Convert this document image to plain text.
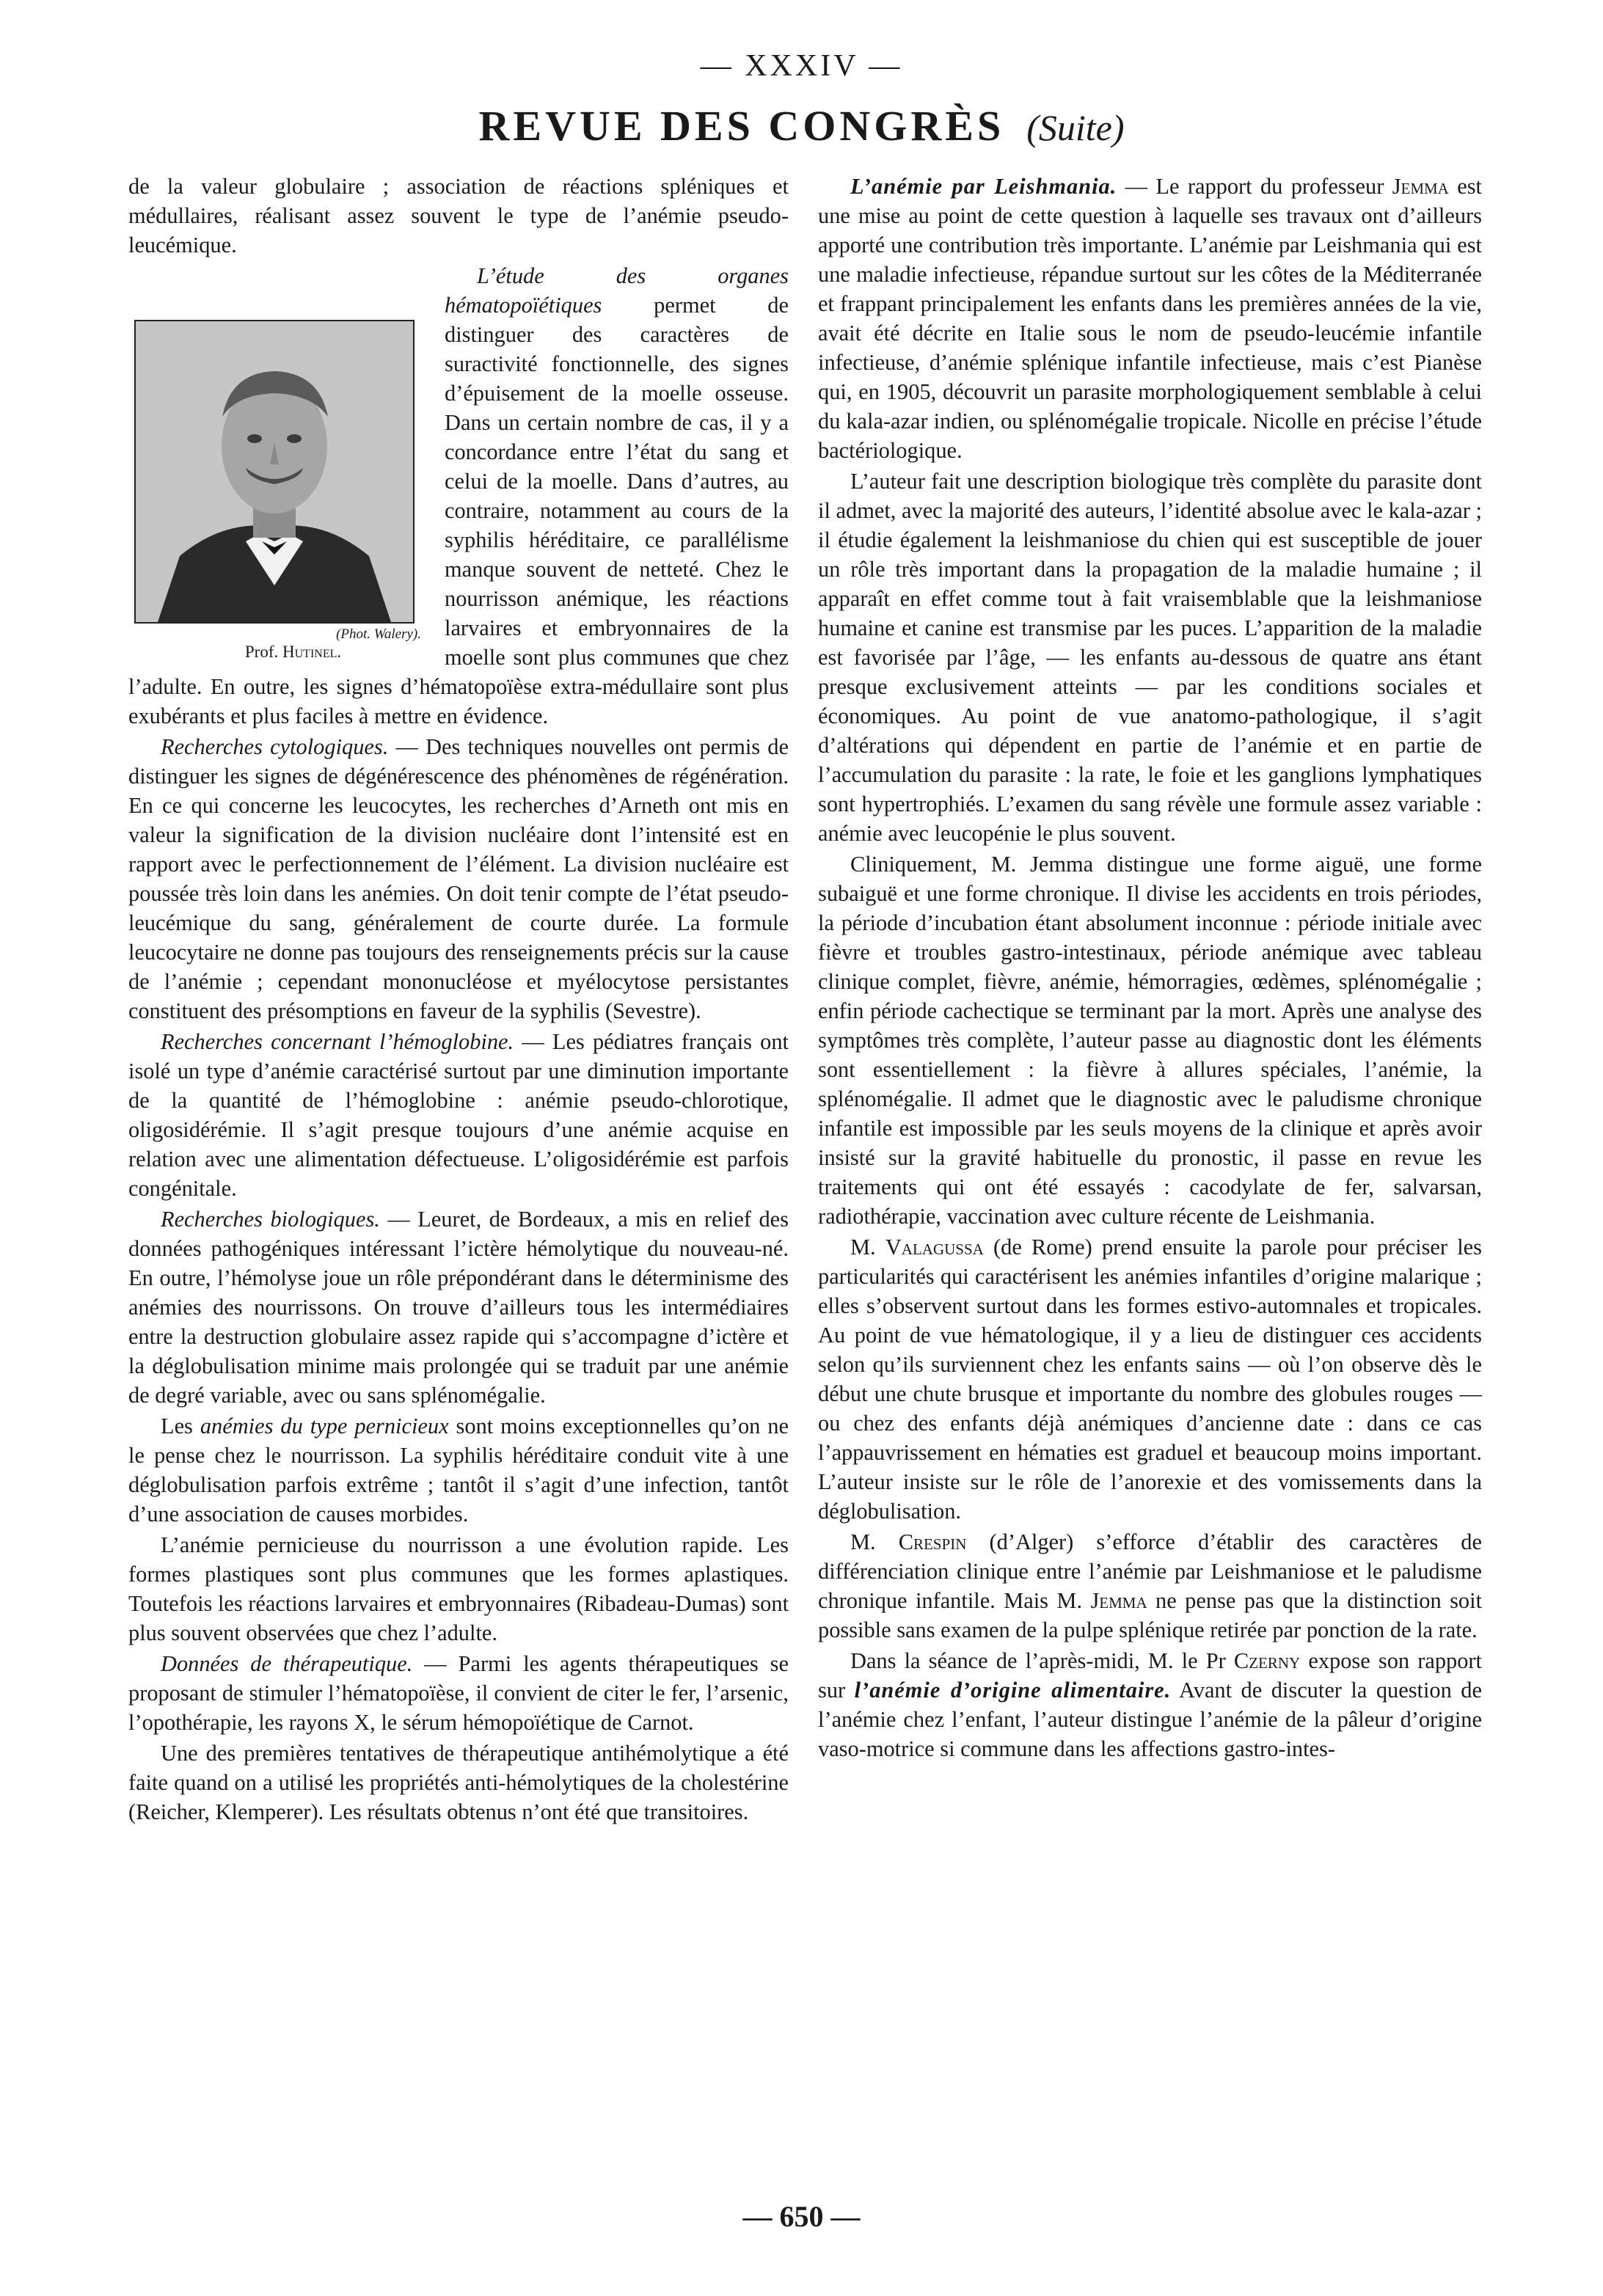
— XXXIV —
REVUE DES CONGRÈS (Suite)

de la valeur globulaire ; association de réactions spléniques et médullaires, réalisant assez souvent le type de l’anémie pseudo-leucémique.

(Phot. Walery).
Prof. Hutinel.
L’étude des organes hématopoïétiques permet de distinguer des caractères de suractivité fonctionnelle, des signes d’épuisement de la moelle osseuse. Dans un certain nombre de cas, il y a concordance entre l’état du sang et celui de la moelle. Dans d’autres, au contraire, notamment au cours de la syphilis héréditaire, ce parallélisme manque souvent de netteté. Chez le nourrisson anémique, les réactions larvaires et embryonnaires de la moelle sont plus communes que chez l’adulte. En outre, les signes d’hématopoïèse extra-médullaire sont plus exubérants et plus faciles à mettre en évidence.

Recherches cytologiques. — Des techniques nouvelles ont permis de distinguer les signes de dégénérescence des phénomènes de régénération. En ce qui concerne les leucocytes, les recherches d’Arneth ont mis en valeur la signification de la division nucléaire dont l’intensité est en rapport avec le perfectionnement de l’élément. La division nucléaire est poussée très loin dans les anémies. On doit tenir compte de l’état pseudo-leucémique du sang, généralement de courte durée. La formule leucocytaire ne donne pas toujours des renseignements précis sur la cause de l’anémie ; cependant mononucléose et myélocytose persistantes constituent des présomptions en faveur de la syphilis (Sevestre).

Recherches concernant l’hémoglobine. — Les pédiatres français ont isolé un type d’anémie caractérisé surtout par une diminution importante de la quantité de l’hémoglobine : anémie pseudo-chlorotique, oligosidérémie. Il s’agit presque toujours d’une anémie acquise en relation avec une alimentation défectueuse. L’oligosidérémie est parfois congénitale.

Recherches biologiques. — Leuret, de Bordeaux, a mis en relief des données pathogéniques intéressant l’ictère hémolytique du nouveau-né. En outre, l’hémolyse joue un rôle prépondérant dans le déterminisme des anémies des nourrissons. On trouve d’ailleurs tous les intermédiaires entre la destruction globulaire assez rapide qui s’accompagne d’ictère et la déglobulisation minime mais prolongée qui se traduit par une anémie de degré variable, avec ou sans splénomégalie.

Les anémies du type pernicieux sont moins exceptionnelles qu’on ne le pense chez le nourrisson. La syphilis héréditaire conduit vite à une déglobulisation parfois extrême ; tantôt il s’agit d’une infection, tantôt d’une association de causes morbides.

L’anémie pernicieuse du nourrisson a une évolution rapide. Les formes plastiques sont plus communes que les formes aplastiques. Toutefois les réactions larvaires et embryonnaires (Ribadeau-Dumas) sont plus souvent observées que chez l’adulte.

Données de thérapeutique. — Parmi les agents thérapeutiques se proposant de stimuler l’hématopoïèse, il convient de citer le fer, l’arsenic, l’opothérapie, les rayons X, le sérum hémopoïétique de Carnot.

Une des premières tentatives de thérapeutique antihémolytique a été faite quand on a utilisé les propriétés anti-hémolytiques de la cholestérine (Reicher, Klemperer). Les résultats obtenus n’ont été que transitoires.

L’anémie par Leishmania. — Le rapport du professeur Jemma est une mise au point de cette question à laquelle ses travaux ont d’ailleurs apporté une contribution très importante. L’anémie par Leishmania qui est une maladie infectieuse, répandue surtout sur les côtes de la Méditerranée et frappant principalement les enfants dans les premières années de la vie, avait été décrite en Italie sous le nom de pseudo-leucémie infantile infectieuse, d’anémie splénique infantile infectieuse, mais c’est Pianèse qui, en 1905, découvrit un parasite morphologiquement semblable à celui du kala-azar indien, ou splénomégalie tropicale. Nicolle en précise l’étude bactériologique.

L’auteur fait une description biologique très complète du parasite dont il admet, avec la majorité des auteurs, l’identité absolue avec le kala-azar ; il étudie également la leishmaniose du chien qui est susceptible de jouer un rôle très important dans la propagation de la maladie humaine ; il apparaît en effet comme tout à fait vraisemblable que la leishmaniose humaine et canine est transmise par les puces. L’apparition de la maladie est favorisée par l’âge, — les enfants au-dessous de quatre ans étant presque exclusivement atteints — par les conditions sociales et économiques. Au point de vue anatomo-pathologique, il s’agit d’altérations qui dépendent en partie de l’anémie et en partie de l’accumulation du parasite : la rate, le foie et les ganglions lymphatiques sont hypertrophiés. L’examen du sang révèle une formule assez variable : anémie avec leucopénie le plus souvent.

Cliniquement, M. Jemma distingue une forme aiguë, une forme subaiguë et une forme chronique. Il divise les accidents en trois périodes, la période d’incubation étant absolument inconnue : période initiale avec fièvre et troubles gastro-intestinaux, période anémique avec tableau clinique complet, fièvre, anémie, hémorragies, œdèmes, splénomégalie ; enfin période cachectique se terminant par la mort. Après une analyse des symptômes très complète, l’auteur passe au diagnostic dont les éléments sont essentiellement : la fièvre à allures spéciales, l’anémie, la splénomégalie. Il admet que le diagnostic avec le paludisme chronique infantile est impossible par les seuls moyens de la clinique et après avoir insisté sur la gravité habituelle du pronostic, il passe en revue les traitements qui ont été essayés : cacodylate de fer, salvarsan, radiothérapie, vaccination avec culture récente de Leishmania.

M. Valagussa (de Rome) prend ensuite la parole pour préciser les particularités qui caractérisent les anémies infantiles d’origine malarique ; elles s’observent surtout dans les formes estivo-automnales et tropicales. Au point de vue hématologique, il y a lieu de distinguer ces accidents selon qu’ils surviennent chez les enfants sains — où l’on observe dès le début une chute brusque et importante du nombre des globules rouges — ou chez des enfants déjà anémiques d’ancienne date : dans ce cas l’appauvrissement en hématies est graduel et beaucoup moins important. L’auteur insiste sur le rôle de l’anorexie et des vomissements dans la déglobulisation.

M. Crespin (d’Alger) s’efforce d’établir des caractères de différenciation clinique entre l’anémie par Leishmaniose et le paludisme chronique infantile. Mais M. Jemma ne pense pas que la distinction soit possible sans examen de la pulpe splénique retirée par ponction de la rate.

Dans la séance de l’après-midi, M. le Pr Czerny expose son rapport sur l’anémie d’origine alimentaire. Avant de discuter la question de l’anémie chez l’enfant, l’auteur distingue l’anémie de la pâleur d’origine vaso-motrice si commune dans les affections gastro-intes-

— 650 —
